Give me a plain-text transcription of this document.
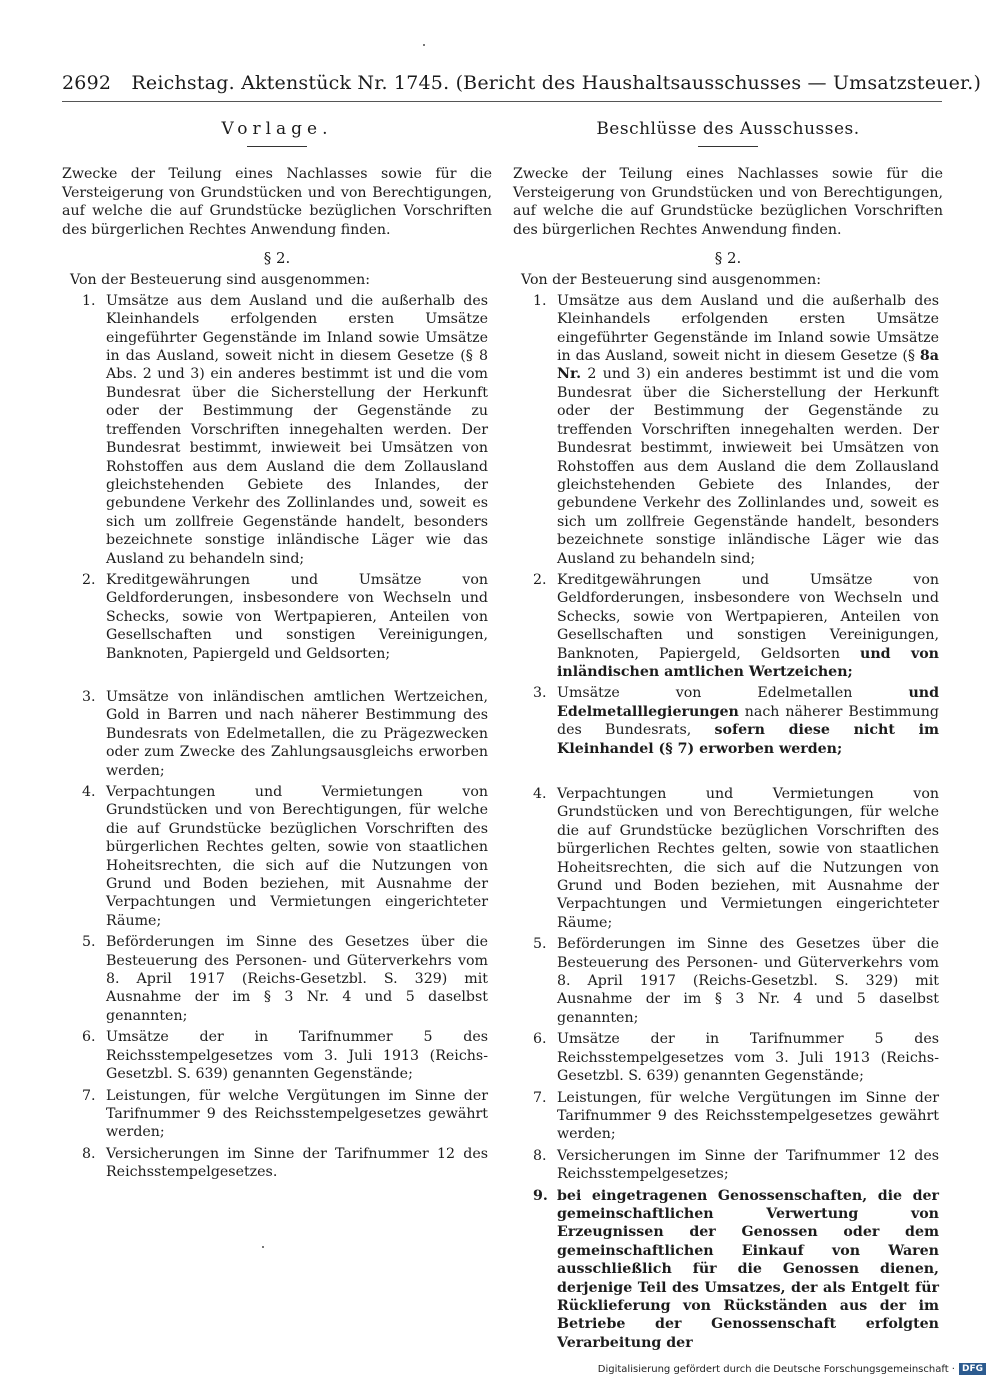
2692 Reichstag. Aktenstück Nr. 1745. (Bericht des Haushaltsausschusses — Umsatzsteuer.)
Vorlage.

Zwecke der Teilung eines Nachlasses sowie für die Versteigerung von Grundstücken und von Berechtigungen, auf welche die auf Grundstücke bezüglichen Vorschriften des bürgerlichen Rechtes Anwendung finden.

§ 2.

Von der Besteuerung sind ausgenommen:

1. Umsätze aus dem Ausland und die außerhalb des Kleinhandels erfolgenden ersten Umsätze eingeführter Gegenstände im Inland sowie Umsätze in das Ausland, soweit nicht in diesem Gesetze (§ 8 Abs. 2 und 3) ein anderes bestimmt ist und die vom Bundesrat über die Sicherstellung der Herkunft oder der Bestimmung der Gegenstände zu treffenden Vorschriften innegehalten werden. Der Bundesrat bestimmt, inwieweit bei Umsätzen von Rohstoffen aus dem Ausland die dem Zollausland gleichstehenden Gebiete des Inlandes, der gebundene Verkehr des Zollinlandes und, soweit es sich um zollfreie Gegenstände handelt, besonders bezeichnete sonstige inländische Läger wie das Ausland zu behandeln sind;
2. Kreditgewährungen und Umsätze von Geldforderungen, insbesondere von Wechseln und Schecks, sowie von Wertpapieren, Anteilen von Gesellschaften und sonstigen Vereinigungen, Banknoten, Papiergeld und Geldsorten;
3. Umsätze von inländischen amtlichen Wertzeichen, Gold in Barren und nach näherer Bestimmung des Bundesrats von Edelmetallen, die zu Prägezwecken oder zum Zwecke des Zahlungsausgleichs erworben werden;
4. Verpachtungen und Vermietungen von Grundstücken und von Berechtigungen, für welche die auf Grundstücke bezüglichen Vorschriften des bürgerlichen Rechtes gelten, sowie von staatlichen Hoheitsrechten, die sich auf die Nutzungen von Grund und Boden beziehen, mit Ausnahme der Verpachtungen und Vermietungen eingerichteter Räume;
5. Beförderungen im Sinne des Gesetzes über die Besteuerung des Personen- und Güterverkehrs vom 8. April 1917 (Reichs-Gesetzbl. S. 329) mit Ausnahme der im § 3 Nr. 4 und 5 daselbst genannten;
6. Umsätze der in Tarifnummer 5 des Reichsstempelgesetzes vom 3. Juli 1913 (Reichs-Gesetzbl. S. 639) genannten Gegenstände;
7. Leistungen, für welche Vergütungen im Sinne der Tarifnummer 9 des Reichsstempelgesetzes gewährt werden;
8. Versicherungen im Sinne der Tarifnummer 12 des Reichsstempelgesetzes.
Beschlüsse des Ausschusses.

Zwecke der Teilung eines Nachlasses sowie für die Versteigerung von Grundstücken und von Berechtigungen, auf welche die auf Grundstücke bezüglichen Vorschriften des bürgerlichen Rechtes Anwendung finden.

§ 2.

Von der Besteuerung sind ausgenommen:

1. Umsätze aus dem Ausland und die außerhalb des Kleinhandels erfolgenden ersten Umsätze eingeführter Gegenstände im Inland sowie Umsätze in das Ausland, soweit nicht in diesem Gesetze (§ 8a Nr. 2 und 3) ein anderes bestimmt ist und die vom Bundesrat über die Sicherstellung der Herkunft oder der Bestimmung der Gegenstände zu treffenden Vorschriften innegehalten werden. Der Bundesrat bestimmt, inwieweit bei Umsätzen von Rohstoffen aus dem Ausland die dem Zollausland gleichstehenden Gebiete des Inlandes, der gebundene Verkehr des Zollinlandes und, soweit es sich um zollfreie Gegenstände handelt, besonders bezeichnete sonstige inländische Läger wie das Ausland zu behandeln sind;
2. Kreditgewährungen und Umsätze von Geldforderungen, insbesondere von Wechseln und Schecks, sowie von Wertpapieren, Anteilen von Gesellschaften und sonstigen Vereinigungen, Banknoten, Papiergeld, Geldsorten und von inländischen amtlichen Wertzeichen;
3. Umsätze von Edelmetallen und Edelmetalllegierungen nach näherer Bestimmung des Bundesrats, sofern diese nicht im Kleinhandel (§ 7) erworben werden;
4. Verpachtungen und Vermietungen von Grundstücken und von Berechtigungen, für welche die auf Grundstücke bezüglichen Vorschriften des bürgerlichen Rechtes gelten, sowie von staatlichen Hoheitsrechten, die sich auf die Nutzungen von Grund und Boden beziehen, mit Ausnahme der Verpachtungen und Vermietungen eingerichteter Räume;
5. Beförderungen im Sinne des Gesetzes über die Besteuerung des Personen- und Güterverkehrs vom 8. April 1917 (Reichs-Gesetzbl. S. 329) mit Ausnahme der im § 3 Nr. 4 und 5 daselbst genannten;
6. Umsätze der in Tarifnummer 5 des Reichsstempelgesetzes vom 3. Juli 1913 (Reichs-Gesetzbl. S. 639) genannten Gegenstände;
7. Leistungen, für welche Vergütungen im Sinne der Tarifnummer 9 des Reichsstempelgesetzes gewährt werden;
8. Versicherungen im Sinne der Tarifnummer 12 des Reichsstempelgesetzes;
9. bei eingetragenen Genossenschaften, die der gemeinschaftlichen Verwertung von Erzeugnissen der Genossen oder dem gemeinschaftlichen Einkauf von Waren ausschließlich für die Genossen dienen, derjenige Teil des Umsatzes, der als Entgelt für Rücklieferung von Rückständen aus der im Betriebe der Genossenschaft erfolgten Verarbeitung der
Digitalisierung gefördert durch die Deutsche Forschungsgemeinschaft · DFG
